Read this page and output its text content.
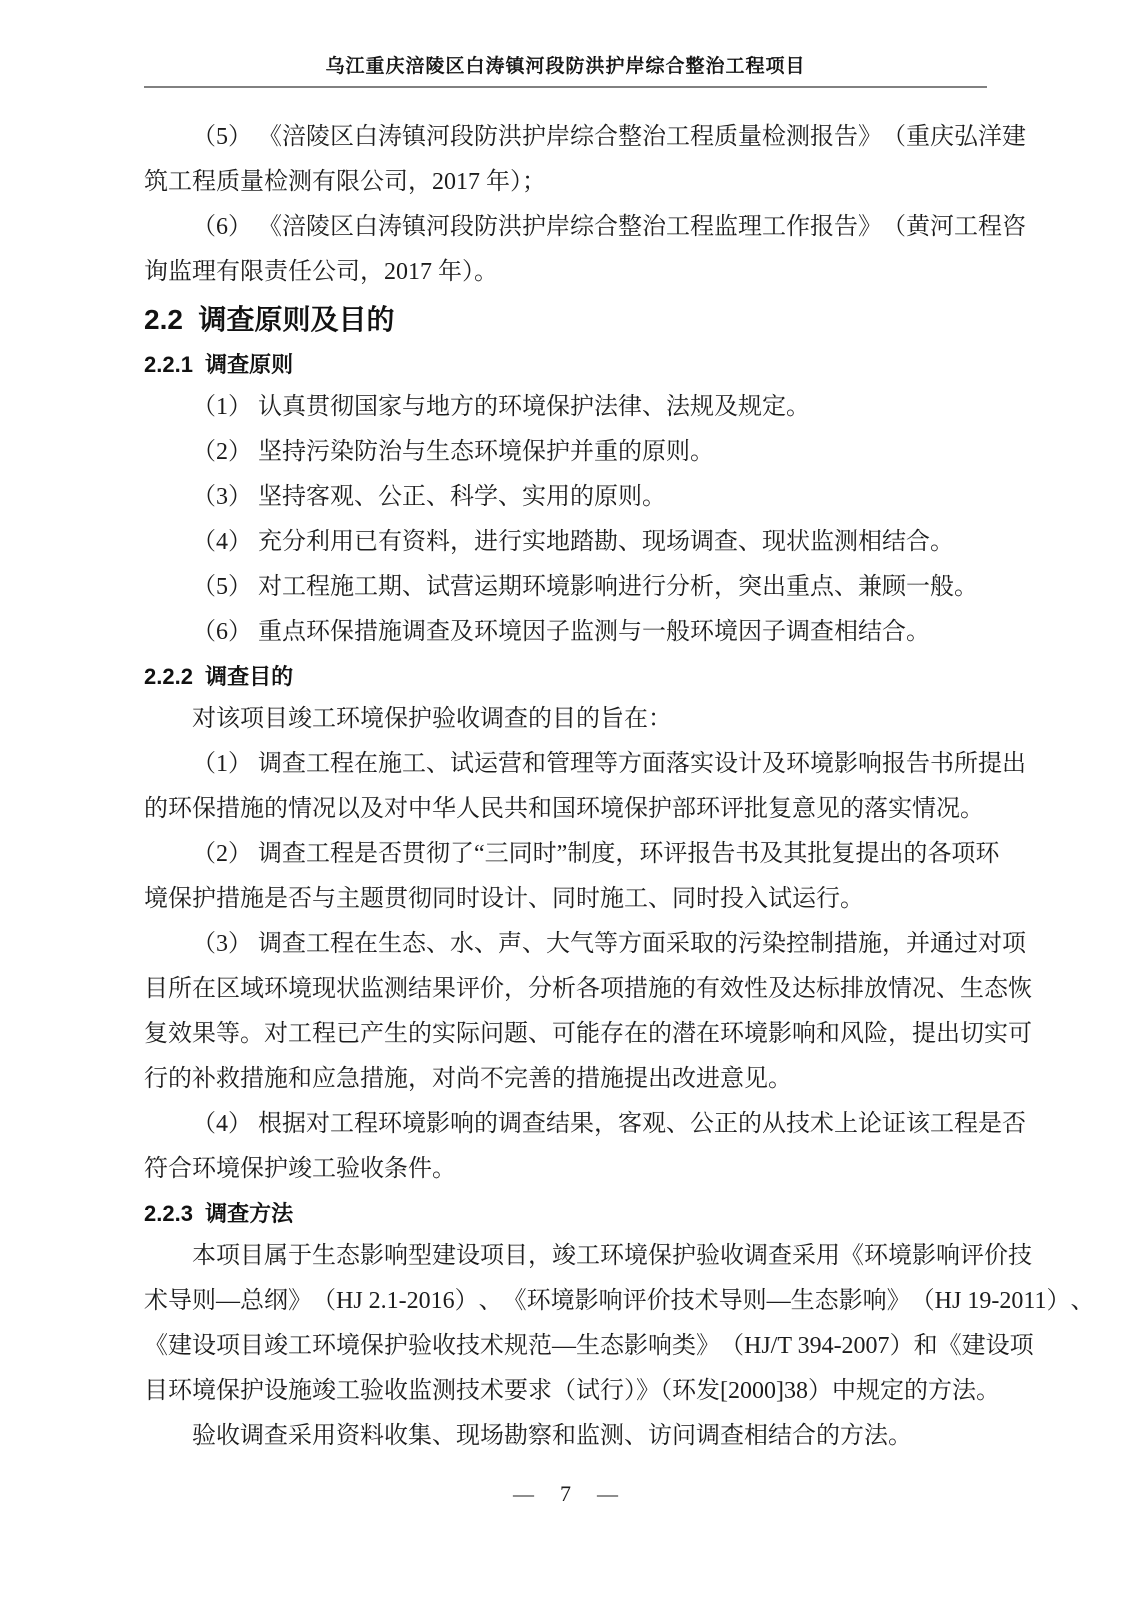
乌江重庆涪陵区白涛镇河段防洪护岸综合整治工程项目
（ 5 ）
《 涪 陵 区 白 涛 镇 河 段 防 洪 护 岸 综 合 整 治 工 程 质 量 检 测 报 告 》 （ 重 庆 弘 洋 建
筑工程质量检测有限公司，2017 年）；
（ 6 ）
《 涪 陵 区 白 涛 镇 河 段 防 洪 护 岸 综 合 整 治 工 程 监 理 工 作 报 告 》 （ 黄 河 工 程 咨
询监理有限责任公司，2017 年）。
2.2  调查原则及目的
2.2.1  调查原则
（1） 认真贯彻国家与地方的环境保护法律、法规及规定。
（2） 坚持污染防治与生态环境保护并重的原则。
（3） 坚持客观、公正、科学、实用的原则。
（4） 充分利用已有资料，进行实地踏勘、现场调查、现状监测相结合。
（5） 对工程施工期、试营运期环境影响进行分析，突出重点、兼顾一般。
（6） 重点环保措施调查及环境因子监测与一般环境因子调查相结合。
2.2.2  调查目的
对该项目竣工环境保护验收调查的目的旨在：
（ 1 ）
调 查 工 程 在 施 工 、 试 运 营 和 管 理 等 方 面 落 实 设 计 及 环 境 影 响 报 告 书 所 提 出
的环保措施的情况以及对中华人民共和国环境保护部环评批复意见的落实情况。
（ 2 ）
调 查 工 程 是 否 贯 彻 了 “ 三 同 时 ” 制 度 ， 环 评 报 告 书 及 其 批 复 提 出 的 各 项 环
境保护措施是否与主题贯彻同时设计、同时施工、同时投入试运行。
（ 3 ）
调 查 工 程 在 生 态 、 水 、 声 、 大 气 等 方 面 采 取 的 污 染 控 制 措 施 ， 并 通 过 对 项
目 所 在 区 域 环 境 现 状 监 测 结 果 评 价 ， 分 析 各 项 措 施 的 有 效 性 及 达 标 排 放 情 况 、 生 态 恢
复 效 果 等 。 对 工 程 已 产 生 的 实 际 问 题 、 可 能 存 在 的 潜 在 环 境 影 响 和 风 险 ， 提 出 切 实 可
行的补救措施和应急措施，对尚不完善的措施提出改进意见。
（ 4 ）
根 据 对 工 程 环 境 影 响 的 调 查 结 果 ， 客 观 、 公 正 的 从 技 术 上 论 证 该 工 程 是 否
符合环境保护竣工验收条件。
2.2.3  调查方法
本 项 目 属 于 生 态 影 响 型 建 设 项 目 ， 竣 工 环 境 保 护 验 收 调 查 采 用 《 环 境 影 响 评 价 技
术 导 则 — 总 纲 》 （ HJ 2.1-2016 ） 、 《 环 境 影 响 评 价 技 术 导 则 — 生 态 影 响 》 （ HJ 19-2011 ） 、
《 建 设 项 目 竣 工 环 境 保 护 验 收 技 术 规 范 — 生 态 影 响 类 》 （ HJ/T 394-2007 ） 和 《 建 设 项
目环境保护设施竣工验收监测技术要求（试行）》（环发[2000]38）中规定的方法。
验收调查采用资料收集、现场勘察和监测、访问调查相结合的方法。
— 7 —
